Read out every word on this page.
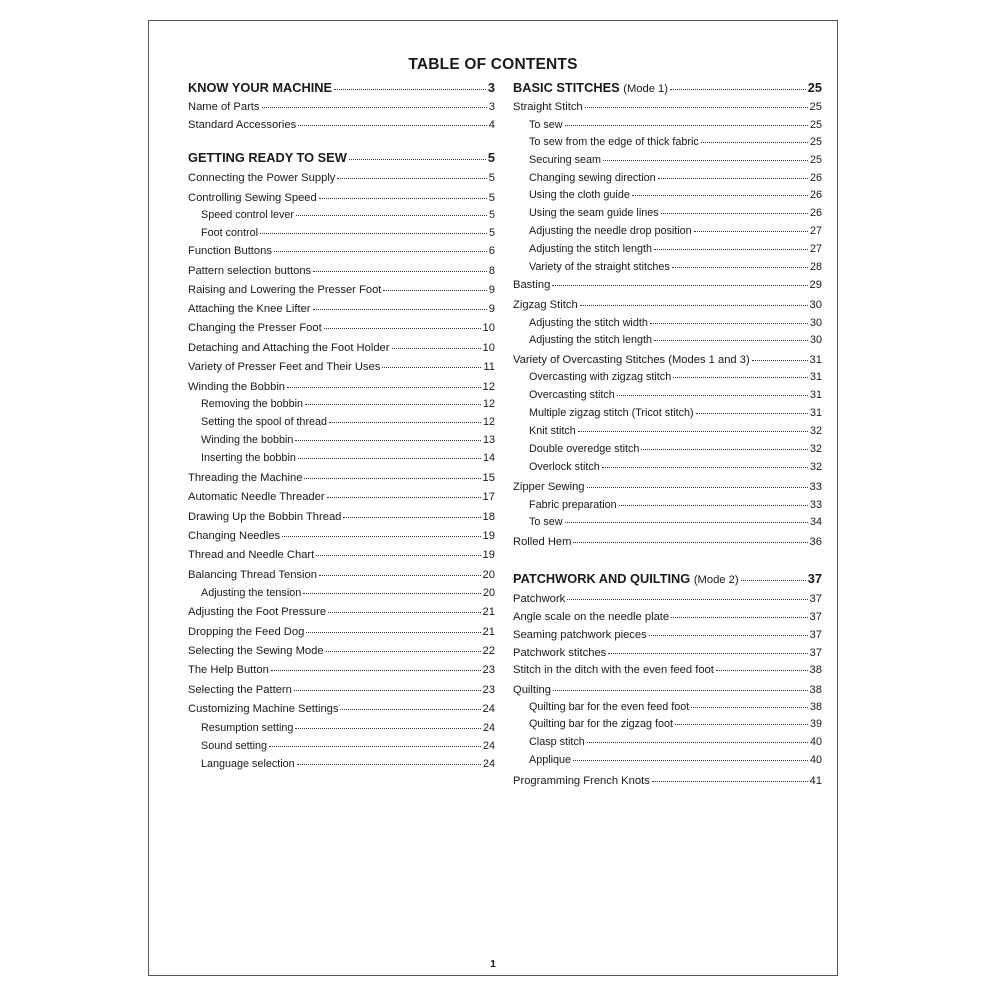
TABLE OF CONTENTS
KNOW YOUR MACHINE	3
Name of Parts	3
Standard Accessories	4
GETTING READY TO SEW	5
Connecting the Power Supply	5
Controlling Sewing Speed	5
Speed control lever	5
Foot control	5
Function Buttons	6
Pattern selection buttons	8
Raising and Lowering the Presser Foot	9
Attaching the Knee Lifter	9
Changing the Presser Foot	10
Detaching and Attaching the Foot Holder	10
Variety of Presser Feet and Their Uses	11
Winding the Bobbin	12
Removing the bobbin	12
Setting the spool of thread	12
Winding the bobbin	13
Inserting the bobbin	14
Threading the Machine	15
Automatic Needle Threader	17
Drawing Up the Bobbin Thread	18
Changing Needles	19
Thread and Needle Chart	19
Balancing Thread Tension	20
Adjusting the tension	20
Adjusting the Foot Pressure	21
Dropping the Feed Dog	21
Selecting the Sewing Mode	22
The Help Button	23
Selecting the Pattern	23
Customizing Machine Settings	24
Resumption setting	24
Sound setting	24
Language selection	24
BASIC STITCHES (Mode 1)	25
Straight Stitch	25
To sew	25
To sew from the edge of thick fabric	25
Securing seam	25
Changing sewing direction	26
Using the cloth guide	26
Using the seam guide lines	26
Adjusting the needle drop position	27
Adjusting the stitch length	27
Variety of the straight stitches	28
Basting	29
Zigzag Stitch	30
Adjusting the stitch width	30
Adjusting the stitch length	30
Variety of Overcasting Stitches (Modes 1 and 3)	31
Overcasting with zigzag stitch	31
Overcasting stitch	31
Multiple zigzag stitch (Tricot stitch)	31
Knit stitch	32
Double overedge stitch	32
Overlock stitch	32
Zipper Sewing	33
Fabric preparation	33
To sew	34
Rolled Hem	36
PATCHWORK AND QUILTING (Mode 2)	37
Patchwork	37
Angle scale on the needle plate	37
Seaming patchwork pieces	37
Patchwork stitches	37
Stitch in the ditch with the even feed foot	38
Quilting	38
Quilting bar for the even feed foot	38
Quilting bar for the zigzag foot	39
Clasp stitch	40
Applique	40
Programming French Knots	41
1
